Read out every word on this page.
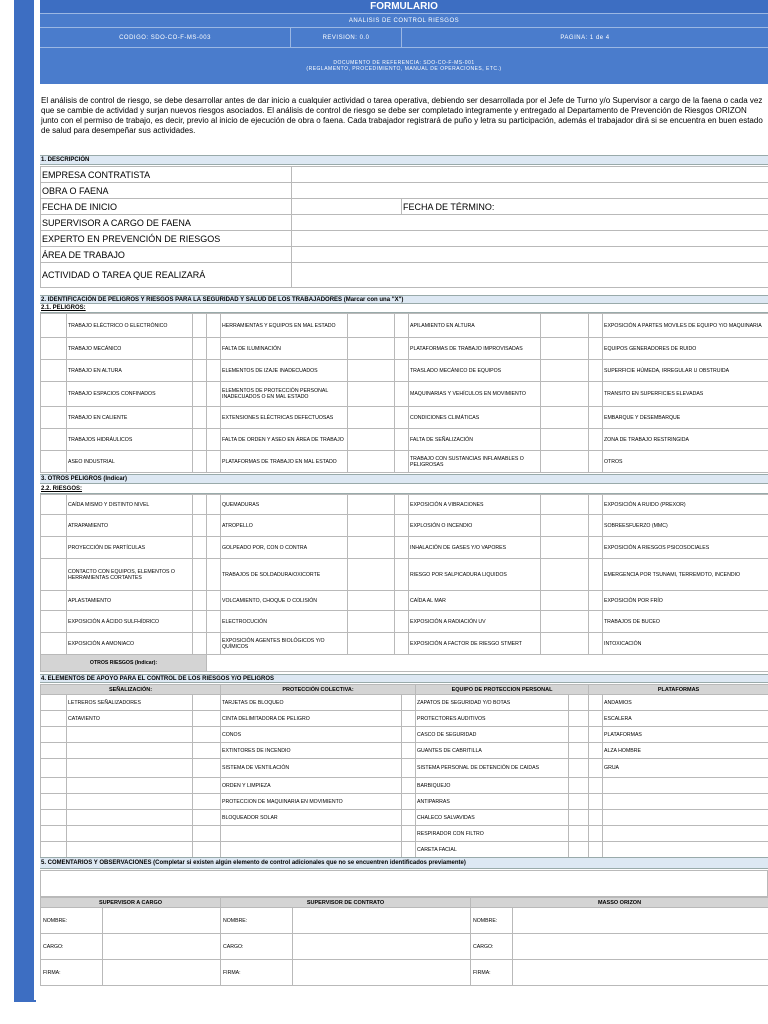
FORMULARIO
ANALISIS DE CONTROL RIESGOS
CODIGO: SDO-CO-F-MS-003	REVISION: 0.0	PAGINA: 1 de 4
DOCUMENTO DE REFERENCIA: SDO-CO-F-MS-001
(REGLAMENTO, PROCEDIMIENTO, MANUAL DE OPERACIONES, ETC.)
El análisis de control de riesgo, se debe desarrollar antes de dar inicio a cualquier actividad o tarea operativa, debiendo ser desarrollada por el Jefe de Turno y/o Supervisor a cargo de la faena o cada vez que se cambie de actividad y surjan nuevos riesgos asociados. El análisis de control de riesgo se debe ser completado integramente y entregado al Departamento de Prevención de Riesgos ORIZON junto con el permiso de trabajo, es decir, previo al inicio de ejecución de obra o faena. Cada trabajador registrará de puño y letra su participación, además el trabajador dirá si se encuentra en buen estado de salud para desempeñar sus actividades.
1. DESCRIPCIÓN
EMPRESA CONTRATISTA		
OBRA O FAENA		
FECHA DE INICIO		FECHA DE TÉRMINO:
SUPERVISOR A CARGO DE FAENA		
EXPERTO EN PREVENCIÓN DE RIESGOS		
ÁREA DE TRABAJO		
ACTIVIDAD O TAREA QUE REALIZARÁ		
2. IDENTIFICACIÓN DE PELIGROS Y RIESGOS PARA LA SEGURIDAD Y SALUD DE LOS TRABAJADORES (Marcar con una "X")
2.1. PELIGROS:
	TRABAJO ELÉCTRICO O ELECTRÓNICO			HERRAMIENTAS Y EQUIPOS EN MAL ESTADO			APILAMIENTO EN ALTURA			EXPOSICIÓN A PARTES MOVILES DE EQUIPO Y/O MAQUINARIA
	TRABAJO MECÁNICO			FALTA DE ILUMINACIÓN			PLATAFORMAS DE TRABAJO IMPROVISADAS			EQUIPOS GENERADORES DE RUIDO
	TRABAJO EN ALTURA			ELEMENTOS DE IZAJE INADECUADOS			TRASLADO MECÁNICO DE EQUIPOS			SUPERFICIE HÚMEDA, IRREGULAR U OBSTRUIDA
	TRABAJO ESPACIOS CONFINADOS			ELEMENTOS DE PROTECCIÓN PERSONAL INADECUADOS O EN MAL ESTADO			MAQUINARIAS Y VEHÍCULOS EN MOVIMIENTO			TRANSITO EN SUPERFICIES ELEVADAS
	TRABAJO EN CALIENTE			EXTENSIONES ELÉCTRICAS DEFECTUOSAS			CONDICIONES CLIMÁTICAS			EMBARQUE Y DESEMBARQUE
	TRABAJOS HIDRÁULICOS			FALTA DE ORDEN Y ASEO EN ÁREA DE TRABAJO			FALTA DE SEÑALIZACIÓN			ZONA DE TRABAJO RESTRINGIDA
	ASEO INDUSTRIAL			PLATAFORMAS DE TRABAJO EN MAL ESTADO			TRABAJO CON SUSTANCIAS INFLAMABLES O PELIGROSAS			OTROS
3. OTROS PELIGROS (Indicar)
2.2. RIESGOS:
	CAÍDA MISMO Y DISTINTO NIVEL			QUEMADURAS			EXPOSICIÓN A VIBRACIONES			EXPOSICIÓN A RUIDO (PREXOR)
	ATRAPAMIENTO			ATROPELLO			EXPLOSIÓN O INCENDIO			SOBREESFUERZO (MMC)
	PROYECCIÓN DE PARTÍCULAS			GOLPEADO POR, CON O CONTRA			INHALACIÓN DE GASES Y/O VAPORES			EXPOSICIÓN A RIESGOS PSICOSOCIALES
	CONTACTO CON EQUIPOS, ELEMENTOS O HERRAMIENTAS CORTANTES			TRABAJOS DE SOLDADURA/OXICORTE			RIESGO POR SALPICADURA LIQUIDOS			EMERGENCIA POR TSUNAMI, TERREMOTO, INCENDIO
	APLASTAMIENTO			VOLCAMIENTO, CHOQUE O COLISIÓN			CAÍDA AL MAR			EXPOSICIÓN POR FRÍO
	EXPOSICIÓN A ÁCIDO SULFHÍDRICO			ELECTROCUCIÓN			EXPOSICIÓN A RADIACIÓN UV			TRABAJOS DE BUCEO
	EXPOSICIÓN A AMONIACO			EXPOSICIÓN AGENTES BIOLÓGICOS Y/O QUÍMICOS			EXPOSICIÓN A FACTOR DE RIESGO STMERT			INTOXICACIÓN
OTROS RIESGOS (Indicar):										
4. ELEMENTOS DE APOYO PARA EL CONTROL DE LOS RIESGOS Y/O PELIGROS
SEÑALIZACIÓN:			PROTECCIÓN COLECTIVA:		EQUIPO DE PROTECCION PERSONAL		PLATAFORMAS	
	LETREROS SEÑALIZADORES		TARJETAS DE BLOQUEO		ZAPATOS DE SEGURIDAD Y/O BOTAS			ANDAMIOS
	CATAVIENTO		CINTA DELIMITADORA DE PELIGRO		PROTECTORES AUDITIVOS			ESCALERA
			CONOS		CASCO DE SEGURIDAD			PLATAFORMAS
			EXTINTORES DE INCENDIO		GUANTES DE CABRITILLA			ALZA HOMBRE
			SISTEMA DE VENTILACIÓN		SISTEMA PERSONAL DE DETENCIÓN DE CAIDAS			GRUA
			ORDEN Y LIMPIEZA		BARBIQUEJO			
			PROTECCION DE MAQUINARIA EN MOVIMIENTO		ANTIPARRAS			
			BLOQUEADOR SOLAR		CHALECO SALVAVIDAS			
					RESPIRADOR CON FILTRO			
					CARETA FACIAL			
5. COMENTARIOS Y OBSERVACIONES (Completar si existen algún elemento de control adicionales que no se encuentren identificados previamente)
SUPERVISOR A CARGO		SUPERVISOR DE CONTRATO		MASSO ORIZON	
NOMBRE:		NOMBRE:		NOMBRE:	
CARGO:		CARGO:		CARGO:	
FIRMA:		FIRMA:		FIRMA:	
